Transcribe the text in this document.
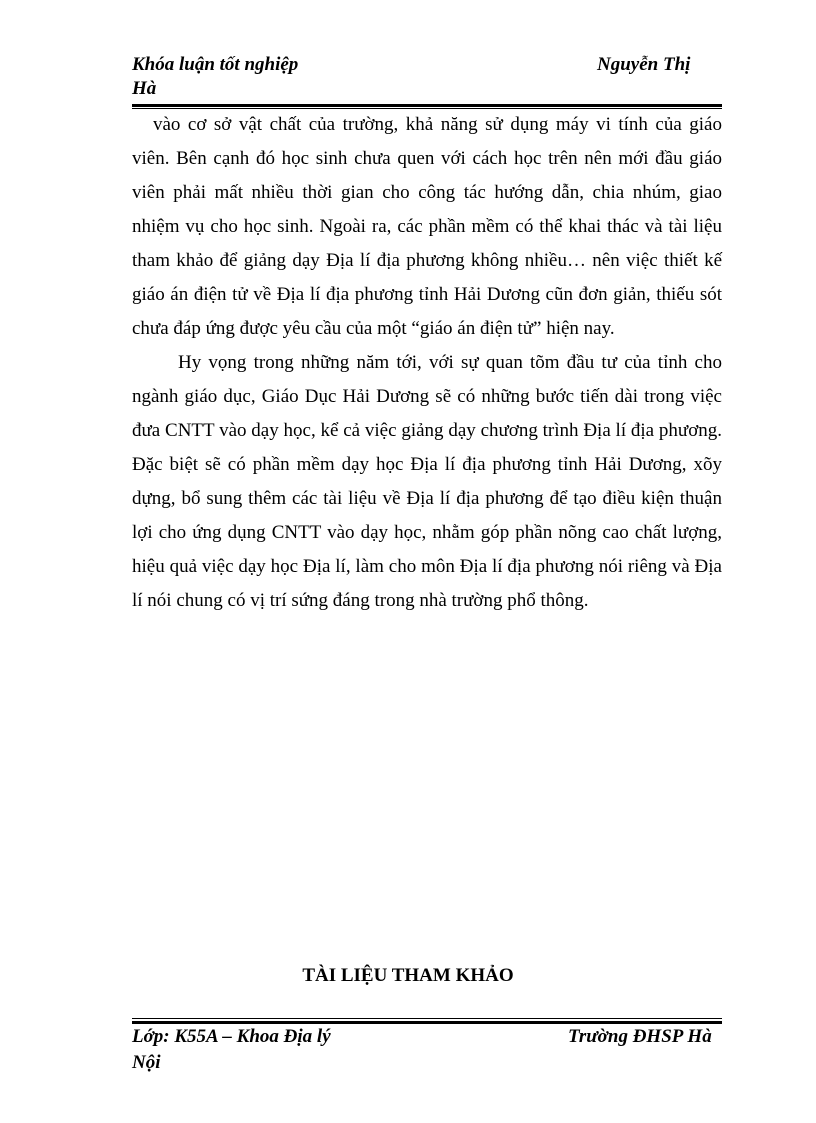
Khóa luận tốt nghiệp
Hà
Nguyễn Thị

vào cơ sở vật chất của trường, khả năng sử dụng máy vi tính của giáo viên. Bên cạnh đó học sinh chưa quen với cách học trên nên mới đầu giáo viên phải mất nhiều thời gian cho công tác hướng dẫn, chia nhúm, giao nhiệm vụ cho học sinh. Ngoài ra, các phần mềm có thể khai thác và tài liệu tham khảo để giảng dạy Địa lí địa phương không nhiều… nên việc thiết kế giáo án điện tử về Địa lí địa phương tỉnh Hải Dương cũn đơn giản, thiếu sót chưa đáp ứng được yêu cầu của một “giáo án điện tử” hiện nay.

Hy vọng trong những năm tới, với sự quan tõm đầu tư của tỉnh cho ngành giáo dục, Giáo Dục Hải Dương sẽ có những bước tiến dài trong việc đưa CNTT vào dạy học, kể cả việc giảng dạy chương trình Địa lí địa phương. Đặc biệt sẽ có phần mềm dạy học Địa lí địa phương tỉnh Hải Dương, xõy dựng, bổ sung thêm các tài liệu về Địa lí địa phương để tạo điều kiện thuận lợi cho ứng dụng CNTT vào dạy học, nhằm góp phần nõng cao chất lượng, hiệu quả việc dạy học Địa lí, làm cho môn Địa lí địa phương nói riêng và Địa lí nói chung có vị trí sứng đáng trong nhà trường phổ thông.

TÀI LIỆU THAM KHẢO
Lớp: K55A – Khoa Địa lý
Nội
Trường ĐHSP Hà
